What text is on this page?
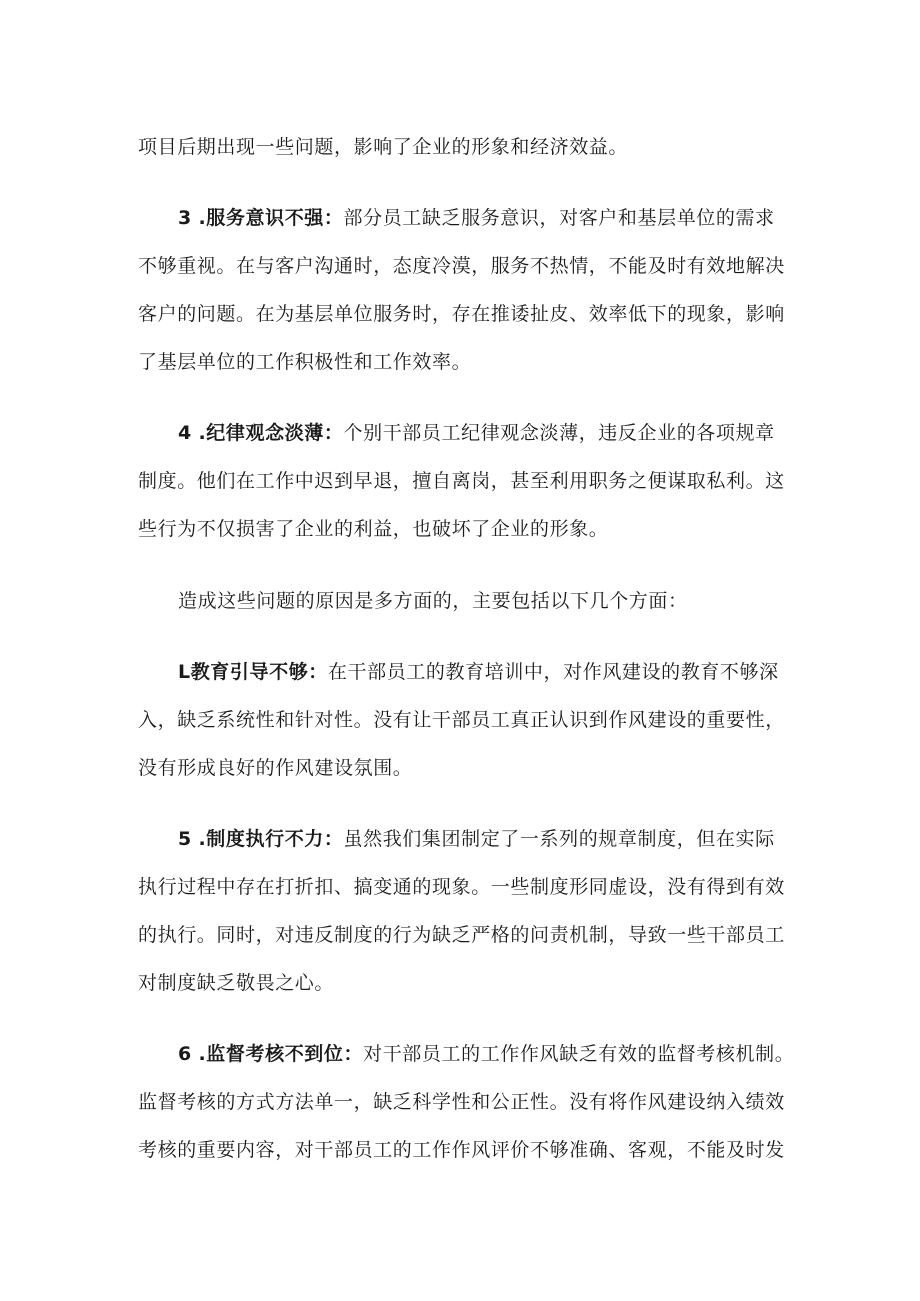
项目后期出现一些问题，影响了企业的形象和经济效益。
3 .服务意识不强：部分员工缺乏服务意识，对客户和基层单位的需求
不够重视。在与客户沟通时，态度冷漠，服务不热情，不能及时有效地解决
客户的问题。在为基层单位服务时，存在推诿扯皮、效率低下的现象，影响
了基层单位的工作积极性和工作效率。
4 .纪律观念淡薄：个别干部员工纪律观念淡薄，违反企业的各项规章
制度。他们在工作中迟到早退，擅自离岗，甚至利用职务之便谋取私利。这
些行为不仅损害了企业的利益，也破坏了企业的形象。
造成这些问题的原因是多方面的，主要包括以下几个方面：
L教育引导不够：在干部员工的教育培训中，对作风建设的教育不够深
入，缺乏系统性和针对性。没有让干部员工真正认识到作风建设的重要性，
没有形成良好的作风建设氛围。
5 .制度执行不力：虽然我们集团制定了一系列的规章制度，但在实际
执行过程中存在打折扣、搞变通的现象。一些制度形同虚设，没有得到有效
的执行。同时，对违反制度的行为缺乏严格的问责机制，导致一些干部员工
对制度缺乏敬畏之心。
6 .监督考核不到位：对干部员工的工作作风缺乏有效的监督考核机制。
监督考核的方式方法单一，缺乏科学性和公正性。没有将作风建设纳入绩效
考核的重要内容，对干部员工的工作作风评价不够准确、客观，不能及时发
